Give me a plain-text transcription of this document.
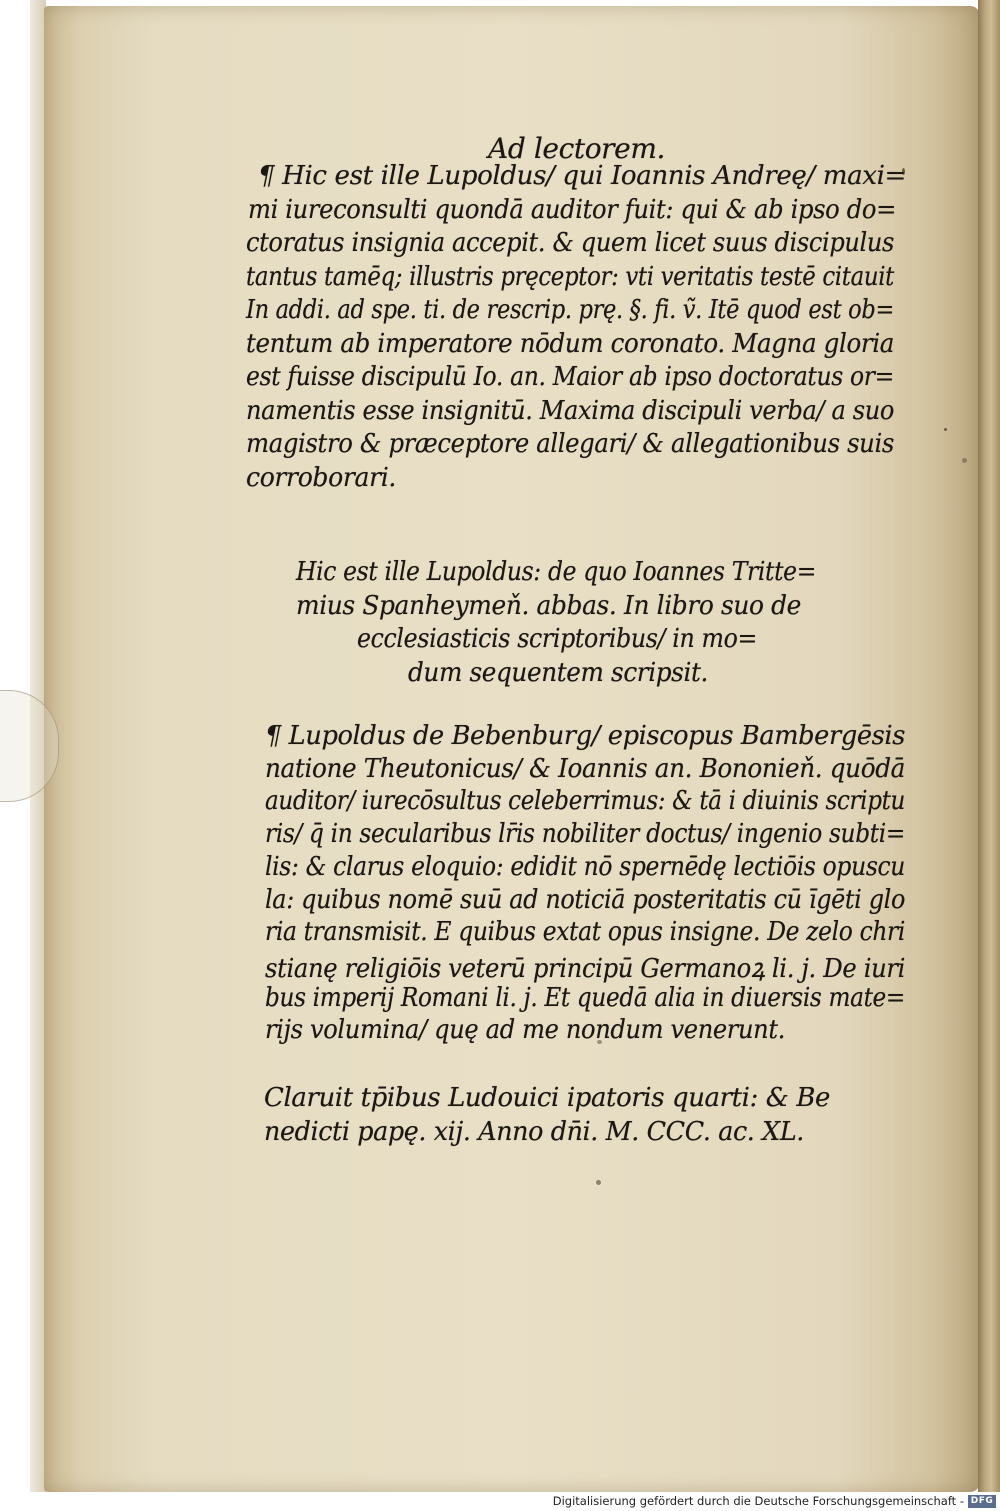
Ad lectorem.
¶ Hic est ille Lupoldus/ qui Ioannis Andreę/ maxi=
mi iureconsulti quondā auditor fuit: qui & ab ipso do=
ctoratus insignia accepit. & quem licet suus discipulus
tantus tamēq; illustris pręceptor: vti veritatis testē citauit
In addi. ad spe. ti. de rescrip. prę. §. fi. ṽ. Itē quod est ob=
tentum ab imperatore nōdum coronato. Magna gloria
est fuisse discipulū Io. an. Maior ab ipso doctoratus or=
namentis esse insignitū. Maxima discipuli verba/ a suo
magistro & præceptore allegari/ & allegationibus suis
corroborari.
Hic est ille Lupoldus: de quo Ioannes Tritte=
mius Spanheymeň. abbas. In libro suo de
ecclesiasticis scriptoribus/ in mo=
dum sequentem scripsit.
¶ Lupoldus de Bebenburg/ episcopus Bambergēsis
natione Theutonicus/ & Ioannis an. Bononieň. quōdā
auditor/ iurecōsultus celeberrimus: & tā i diuinis scriptu
ris/ q̄ in secularibus lr̄is nobiliter doctus/ ingenio subti=
lis: & clarus eloquio: edidit nō spernēdę lectiōis opuscu
la: quibus nomē suū ad noticiā posteritatis cū īgēti glo
ria transmisit. E quibus extat opus insigne. De zelo chri
stianę religiōis veterū principū Germanoꝝ li. j. De iuri
bus imperij Romani li. j. Et quedā alia in diuersis mate=
rijs volumina/ quę ad me nondum venerunt.
Claruit tp̄ibus Ludouici ipatoris quarti: & Be
nedicti papę. xij. Anno dn̄i. M. CCC. ac. XL.
Digitalisierung gefördert durch die Deutsche Forschungsgemeinschaft - DFG
